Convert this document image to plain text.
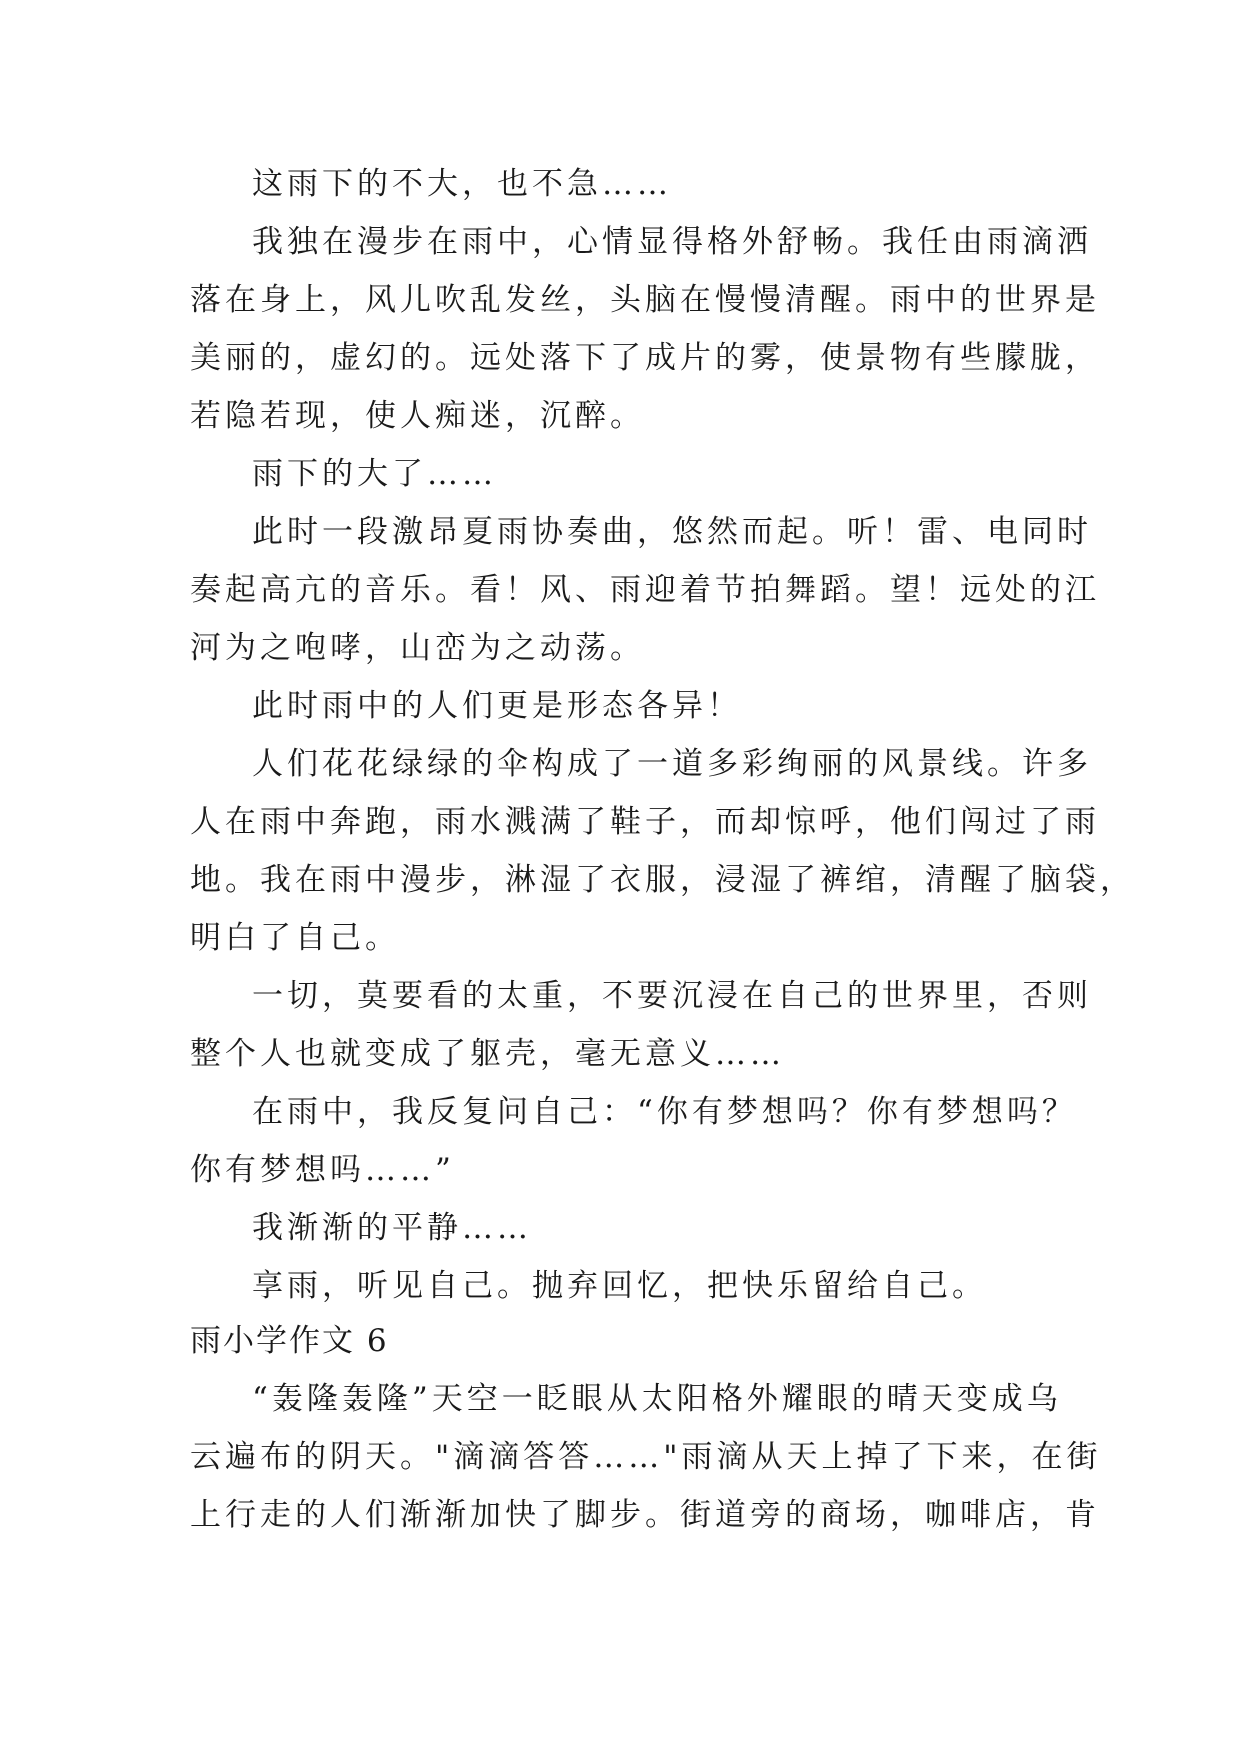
这雨下的不大，也不急……

我独在漫步在雨中，心情显得格外舒畅。我任由雨滴洒

落在身上，风儿吹乱发丝，头脑在慢慢清醒。雨中的世界是

美丽的，虚幻的。远处落下了成片的雾，使景物有些朦胧，

若隐若现，使人痴迷，沉醉。

雨下的大了……

此时一段激昂夏雨协奏曲，悠然而起。听！雷、电同时

奏起高亢的音乐。看！风、雨迎着节拍舞蹈。望！远处的江

河为之咆哮，山峦为之动荡。

此时雨中的人们更是形态各异！

人们花花绿绿的伞构成了一道多彩绚丽的风景线。许多

人在雨中奔跑，雨水溅满了鞋子，而却惊呼，他们闯过了雨

地。我在雨中漫步，淋湿了衣服，浸湿了裤绾，清醒了脑袋，

明白了自己。

一切，莫要看的太重，不要沉浸在自己的世界里，否则

整个人也就变成了躯壳，毫无意义……

在雨中，我反复问自己：“你有梦想吗？你有梦想吗？

你有梦想吗……”

我渐渐的平静……

享雨，听见自己。抛弃回忆，把快乐留给自己。

雨小学作文 6

“轰隆轰隆”天空一眨眼从太阳格外耀眼的晴天变成乌

云遍布的阴天。"滴滴答答……"雨滴从天上掉了下来，在街

上行走的人们渐渐加快了脚步。街道旁的商场，咖啡店，肯
